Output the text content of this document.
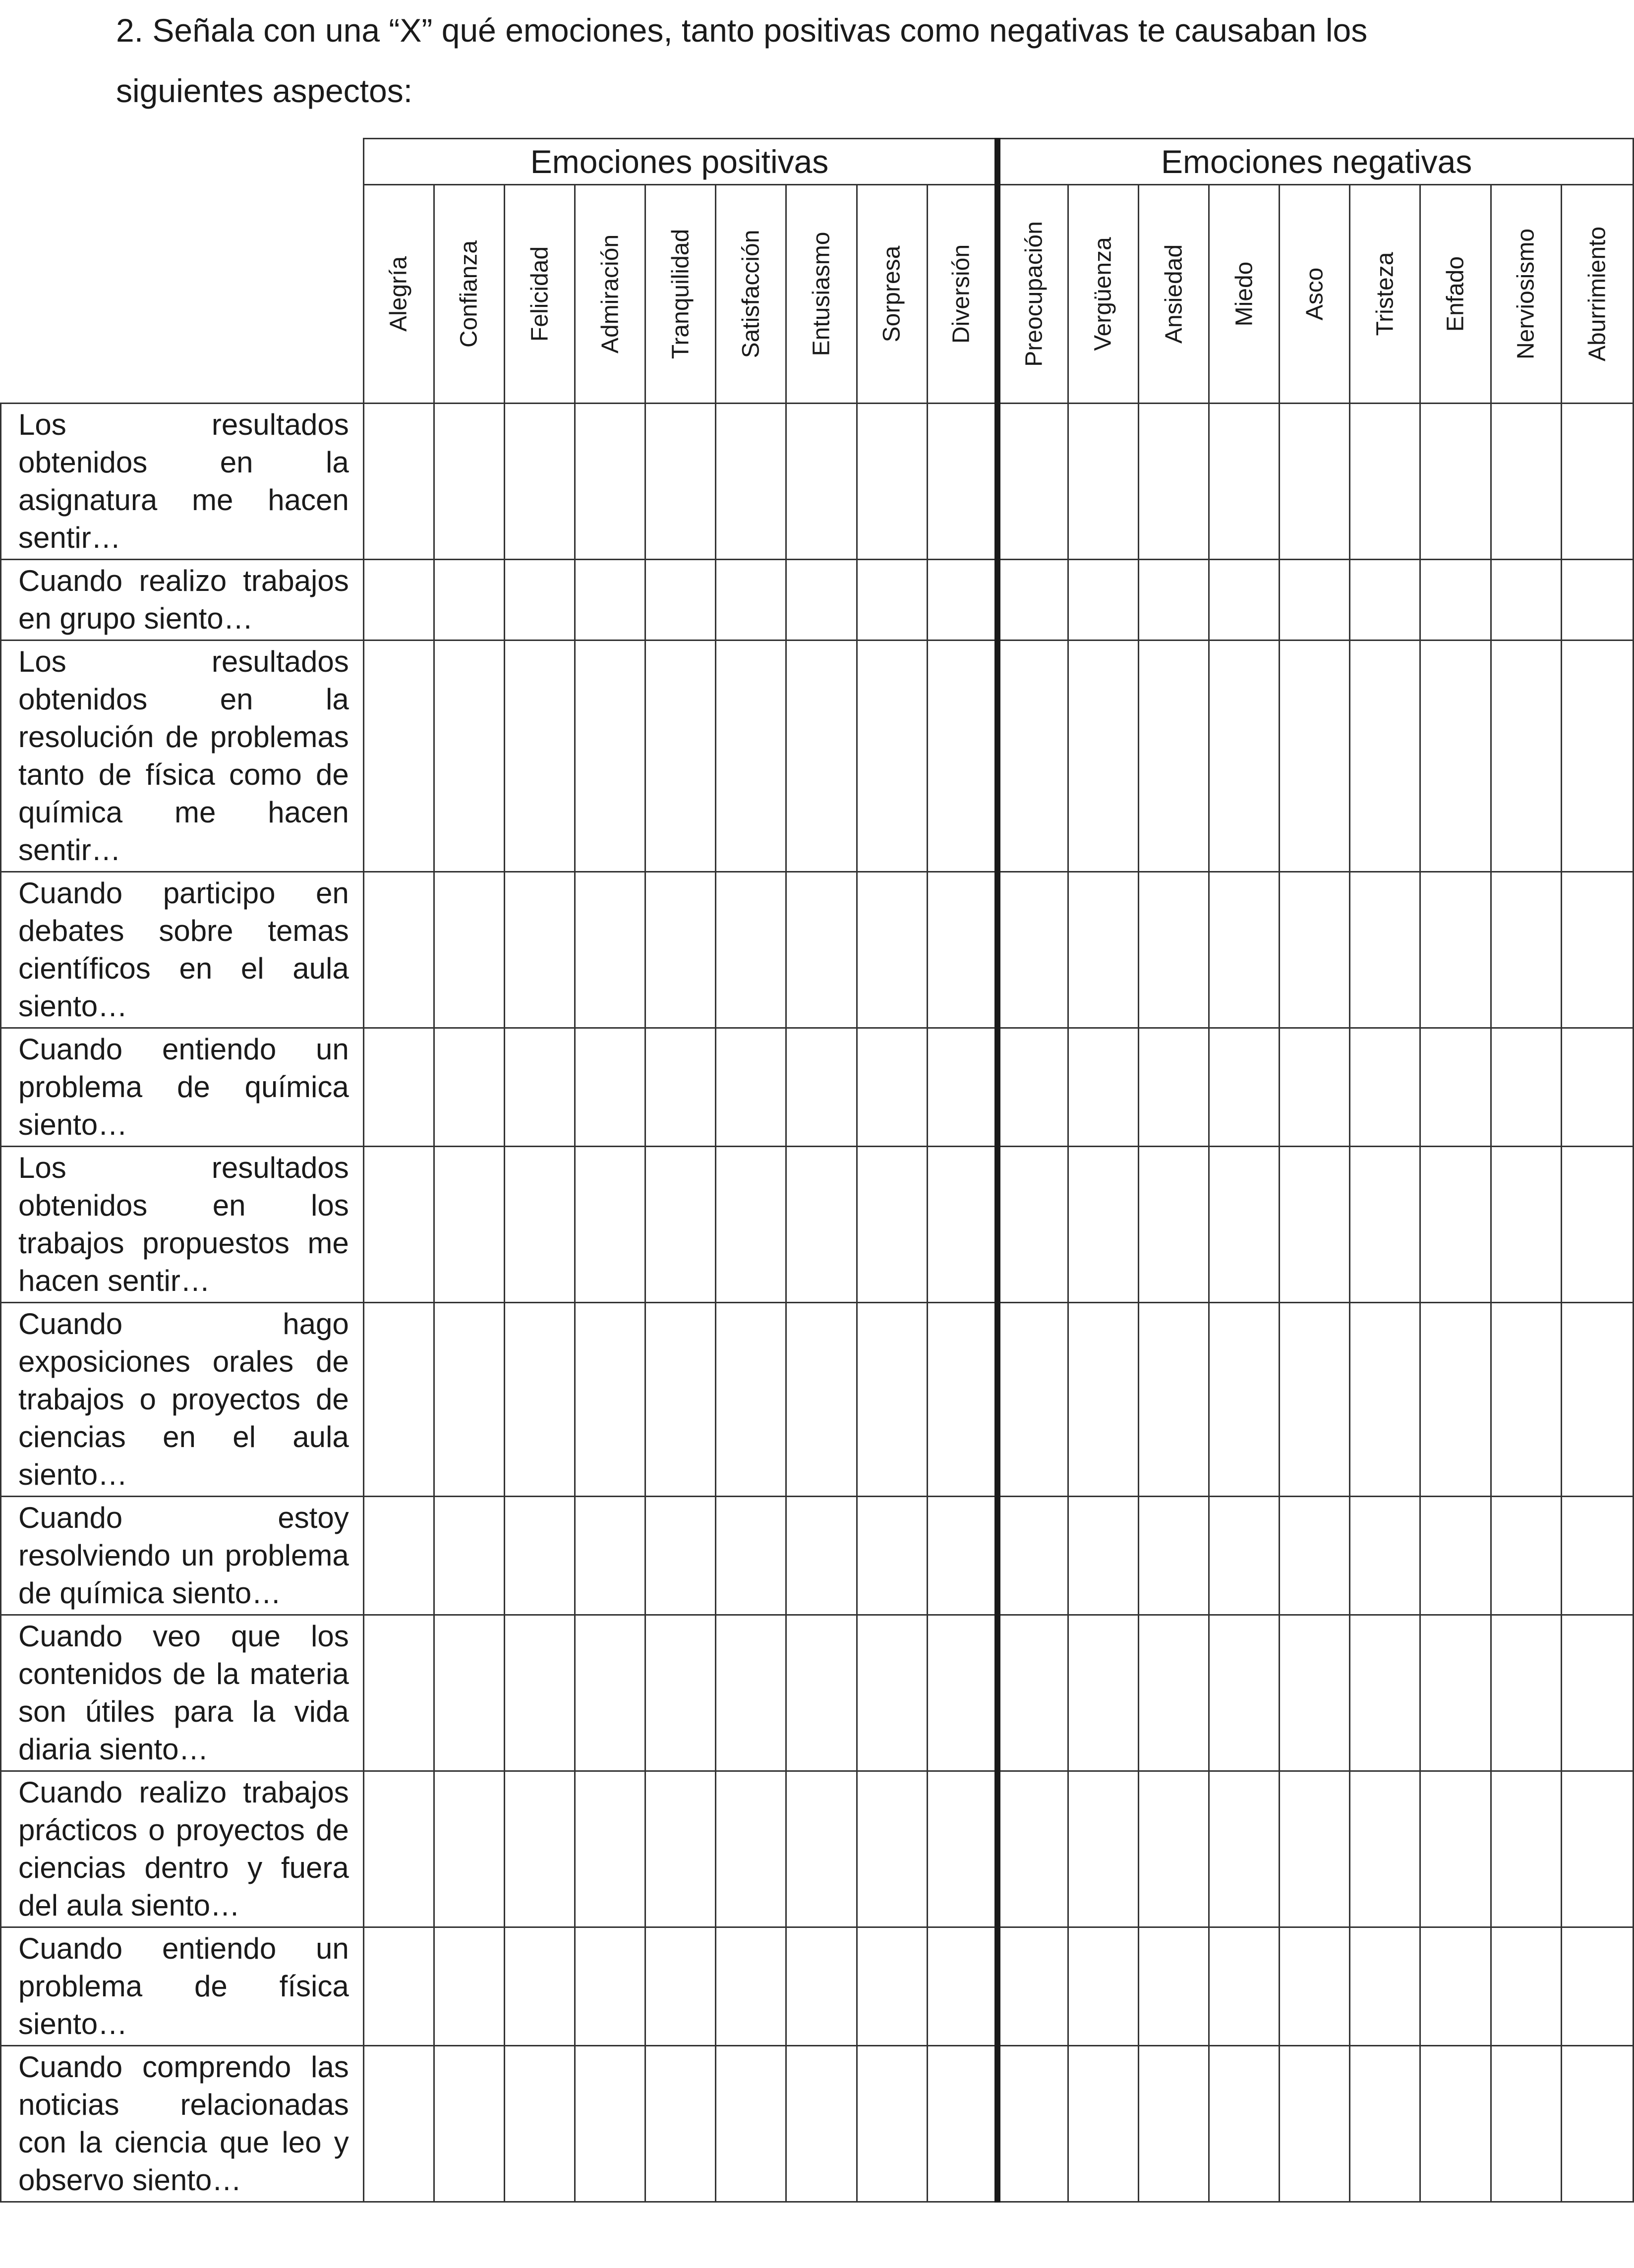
2. Señala con una “X” qué emociones, tanto positivas como negativas te causaban los
siguientes aspectos:
	Emociones positivas									Emociones negativas								

	Alegría	Confianza	Felicidad	Admiración	Tranquilidad	Satisfacción	Entusiasmo	Sorpresa	Diversión	Preocupación	Vergüenza	Ansiedad	Miedo	Asco	Tristeza	Enfado	Nerviosismo	Aburrimiento

Los resultados obtenidos en la asignatura me hacen sentir…																		
Cuando realizo trabajos en grupo siento…																		
Los resultados obtenidos en la resolución de problemas tanto de física como de química me hacen sentir…																		
Cuando participo en debates sobre temas científicos en el aula siento…																		
Cuando entiendo un problema de química siento…																		
Los resultados obtenidos en los trabajos propuestos me hacen sentir…																		
Cuando hago exposiciones orales de trabajos o proyectos de ciencias en el aula siento…																		
Cuando estoy resolviendo un problema de química siento…																		
Cuando veo que los contenidos de la materia son útiles para la vida diaria siento…																		
Cuando realizo trabajos prácticos o proyectos de ciencias dentro y fuera del aula siento…																		
Cuando entiendo un problema de física siento…																		
Cuando comprendo las noticias relacionadas con la ciencia que leo y observo siento…																		
